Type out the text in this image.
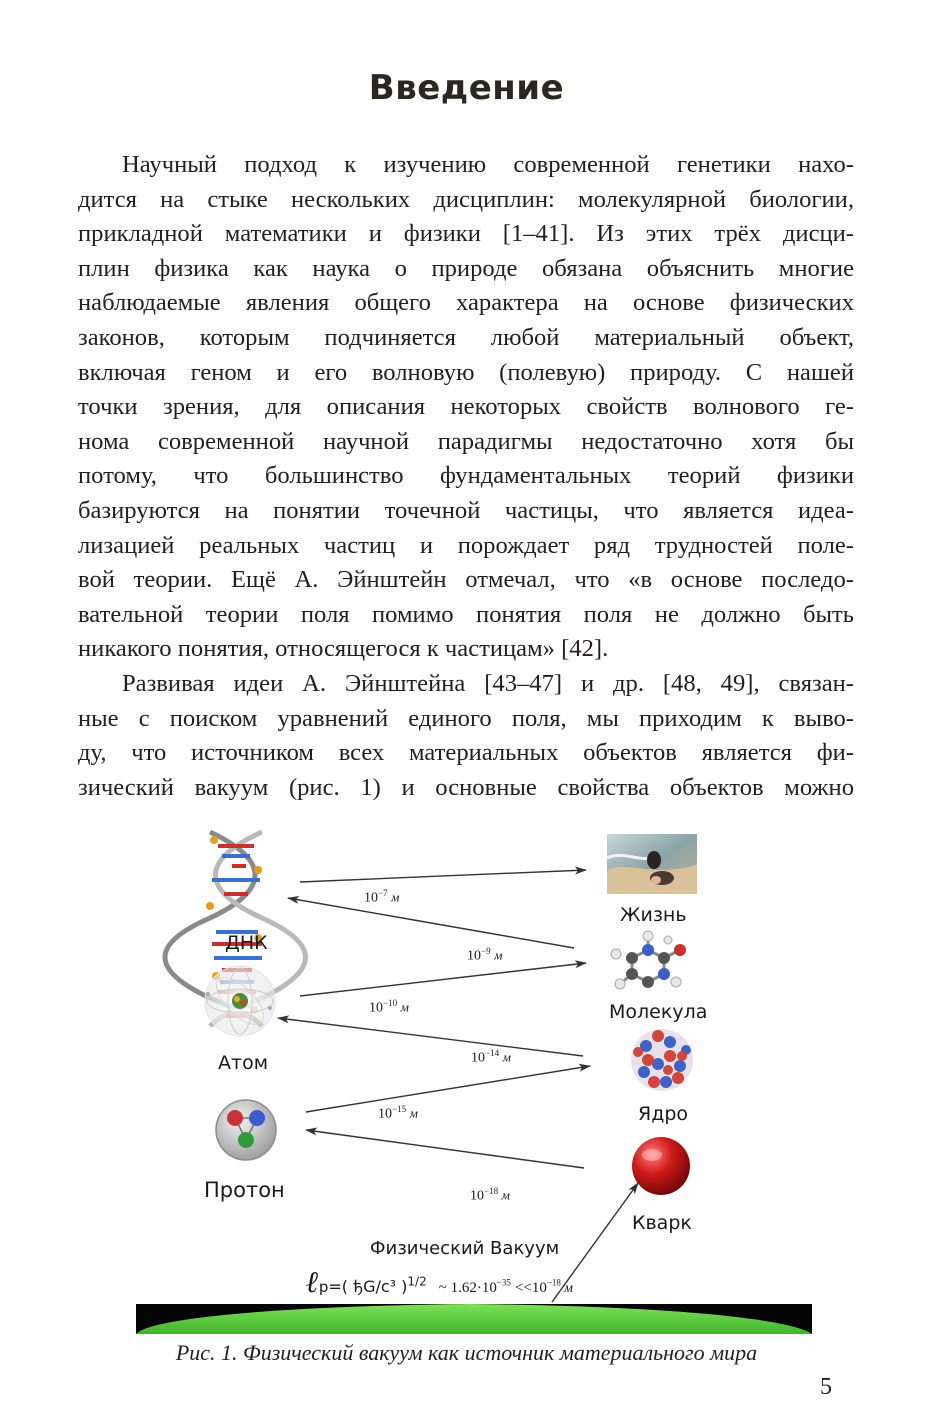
Введение
Научный подход к изучению современной генетики нахо-
дится на стыке нескольких дисциплин: молекулярной биологии,
прикладной математики и физики [1–41]. Из этих трёх дисци-
плин физика как наука о природе обязана объяснить многие
наблюдаемые явления общего характера на основе физических
законов, которым подчиняется любой материальный объект,
включая геном и его волновую (полевую) природу. С нашей
точки зрения, для описания некоторых свойств волнового ге-
нома современной научной парадигмы недостаточно хотя бы
потому, что большинство фундаментальных теорий физики
базируются на понятии точечной частицы, что является идеа-
лизацией реальных частиц и порождает ряд трудностей поле-
вой теории. Ещё А. Эйнштейн отмечал, что «в основе последо-
вательной теории поля помимо понятия поля не должно быть
никакого понятия, относящегося к частицам» [42].
Развивая идеи А. Эйнштейна [43–47] и др. [48, 49], связан-
ные с поиском уравнений единого поля, мы приходим к выво-
ду, что источником всех материальных объектов является фи-
зический вакуум (рис. 1) и основные свойства объектов можно
ДНК
Атом
Протон
Жизнь
Молекула
Ядро
Кварк
$10^{-7}$ м
$10^{-9}$ м
$10^{-10}$ м
$10^{-14}$ м
$10^{-15}$ м
$10^{-18}$ м
Физический Вакуум
ℓp=( ђG/c³ )$^{1/2}$ ~ $1.62\cdot 10^{-35} <<10^{-18}$ м
Рис. 1. Физический вакуум как источник материального мира
5
